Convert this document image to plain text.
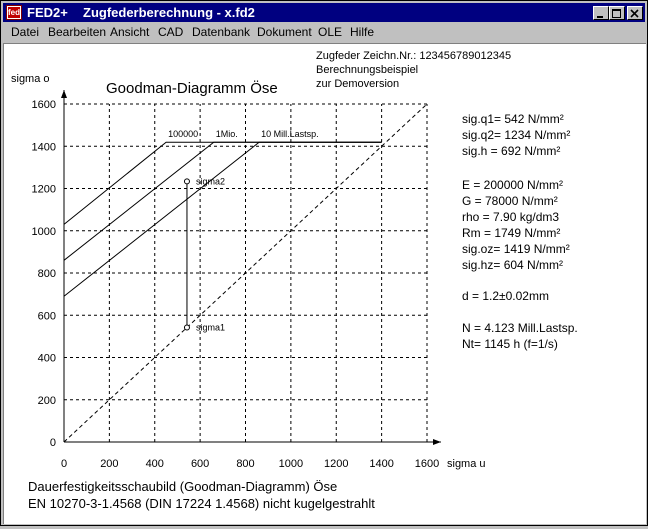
fed FED2+ Zugfederberechnung - x.fd2
Datei Bearbeiten Ansicht CAD Datenbank Dokument OLE Hilfe
0	200 400 600 800 1000 1200 1400 1600
0
200
400
600
800
1000
1200
1400
1600
100000 1Mio.	10 Mill.Lastsp.
sigma1
sigma2
Goodman-Diagramm Öse
sigma o
sigma u
Zugfeder Zeichn.Nr.: 123456789012345
Berechnungsbeispiel
zur Demoversion
sig.q1= 542 N/mm²
sig.q2= 1234 N/mm²
sig.h = 692 N/mm²
E = 200000 N/mm²
G = 78000 N/mm²
rho = 7.90 kg/dm3
Rm = 1749 N/mm²
sig.oz= 1419 N/mm²
sig.hz= 604 N/mm²
d = 1.2±0.02mm
N = 4.123 Mill.Lastsp.
Nt= 1145 h (f=1/s)
Dauerfestigkeitsschaubild (Goodman-Diagramm) Öse
EN 10270-3-1.4568 (DIN 17224 1.4568) nicht kugelgestrahlt
